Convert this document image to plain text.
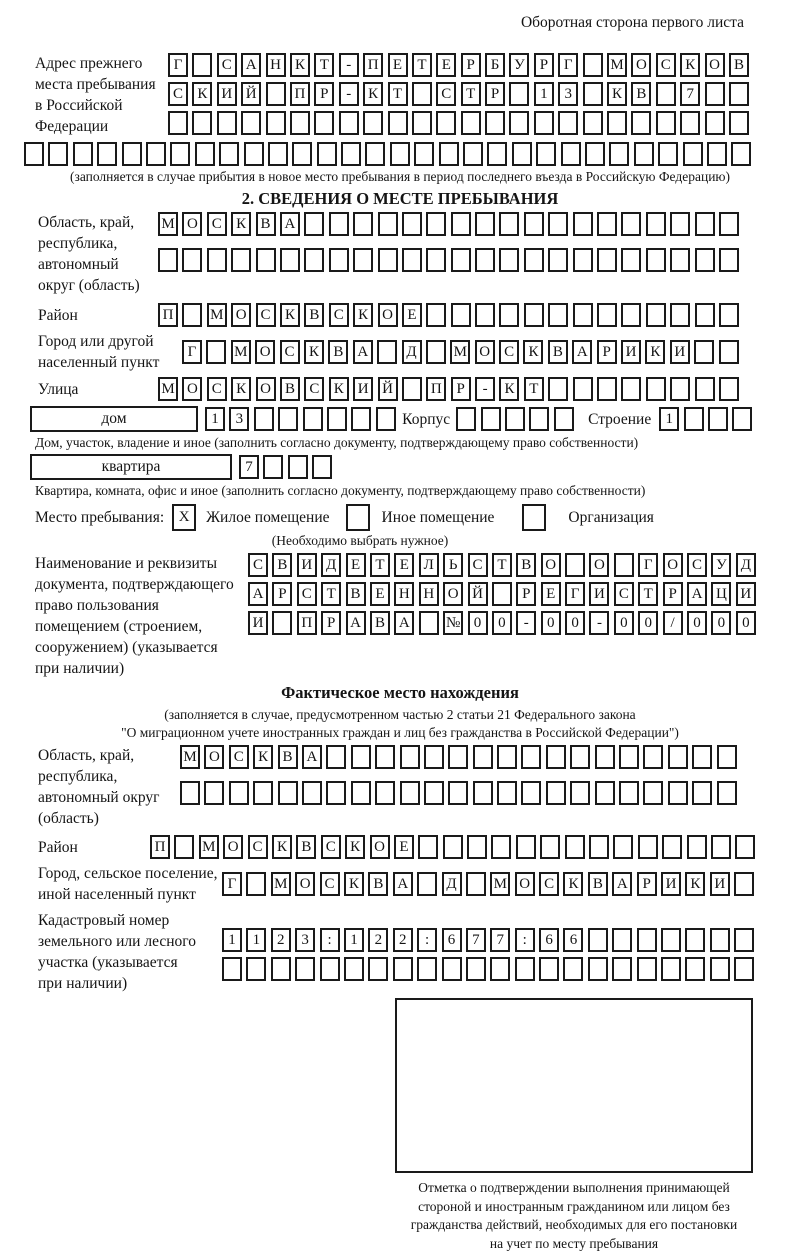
Оборотная сторона первого листа
Адрес прежнего
места пребывания
в Российской
Федерации
Г	С А Н К Т	-	П Е	Т	Е	Р	Б У Р	Г	М О С К О В
С К И Й	П Р	-	К Т	С Т	Р	1	3	К В	7
(заполняется в случае прибытия в новое место пребывания в период последнего въезда в Российскую Федерацию)
2. СВЕДЕНИЯ О МЕСТЕ ПРЕБЫВАНИЯ
Область, край,
республика,
автономный
округ (область)
М О С К В А
Район	П	М О С К В С К О Е
Город или другой
населенный пункт
Г	М О С К В А	Д	М О С К В А Р И К И
Улица	М О С К О В С К И Й	П Р	-	К Т
дом	1	3	Корпус	Строение 1
Дом, участок, владение и иное (заполнить согласно документу, подтверждающему право собственности)
квартира	7
Квартира, комната, офис и иное (заполнить согласно документу, подтверждающему право собственности)
Место пребывания: X	Жилое помещение	Иное помещение	Организация
(Необходимо выбрать нужное)
Наименование и реквизиты
документа, подтверждающего
право пользования
помещением (строением,
сооружением) (указывается
при наличии)
С В И Д Е	Т	Е Л Ь	С Т В О	О	Г О С У Д
А Р	С Т В Е Н Н О Й	Р	Е	Г И С Т	Р А Ц И
И	П Р А В А	№ 0	0	-	0	0	-	0	0	/	0	0	0
Фактическое место нахождения
(заполняется в случае, предусмотренном частью 2 статьи 21 Федерального закона
"О миграционном учете иностранных граждан и лиц без гражданства в Российской Федерации")
Область, край,
республика,
автономный округ
(область)
М О С К В А
Район	П	М О С К В С К О Е
Город, сельское поселение,
иной населенный пункт
Г	М О С К В А	Д	М О С К В А Р И К И
Кадастровый номер
земельного или лесного
участка (указывается
при наличии)
1	1	2	3	:	1	2	2	:	6	7	7	:	6	6
Отметка о подтверждении выполнения принимающей
стороной и иностранным гражданином или лицом без
гражданства действий, необходимых для его постановки
на учет по месту пребывания
